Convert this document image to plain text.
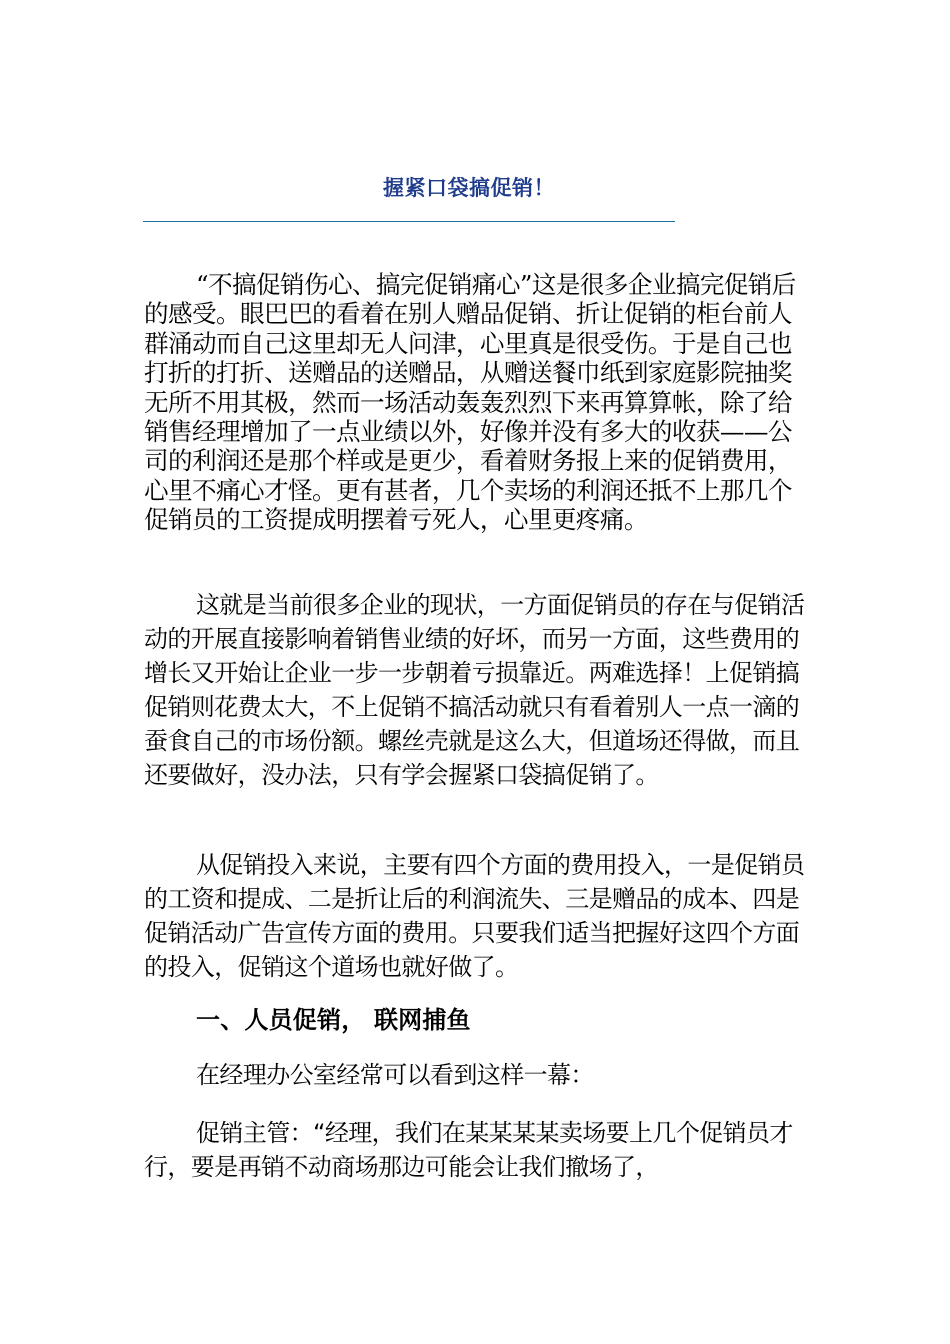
握紧口袋搞促销！

“不搞促销伤心、搞完促销痛心”这是很多企业搞完促销后的感受。眼巴巴的看着在别人赠品促销、折让促销的柜台前人群涌动而自己这里却无人问津，心里真是很受伤。于是自己也打折的打折、送赠品的送赠品，从赠送餐巾纸到家庭影院抽奖无所不用其极，然而一场活动轰轰烈烈下来再算算帐，除了给销售经理增加了一点业绩以外，好像并没有多大的收获——公司的利润还是那个样或是更少，看着财务报上来的促销费用，心里不痛心才怪。更有甚者，几个卖场的利润还抵不上那几个促销员的工资提成明摆着亏死人，心里更疼痛。

这就是当前很多企业的现状，一方面促销员的存在与促销活动的开展直接影响着销售业绩的好坏，而另一方面，这些费用的增长又开始让企业一步一步朝着亏损靠近。两难选择！上促销搞促销则花费太大，不上促销不搞活动就只有看着别人一点一滴的蚕食自己的市场份额。螺丝壳就是这么大，但道场还得做，而且还要做好，没办法，只有学会握紧口袋搞促销了。

从促销投入来说，主要有四个方面的费用投入，一是促销员的工资和提成、二是折让后的利润流失、三是赠品的成本、四是促销活动广告宣传方面的费用。只要我们适当把握好这四个方面的投入，促销这个道场也就好做了。

一、人员促销， 联网捕鱼

在经理办公室经常可以看到这样一幕：

促销主管：“经理，我们在某某某某卖场要上几个促销员才行，要是再销不动商场那边可能会让我们撤场了，
